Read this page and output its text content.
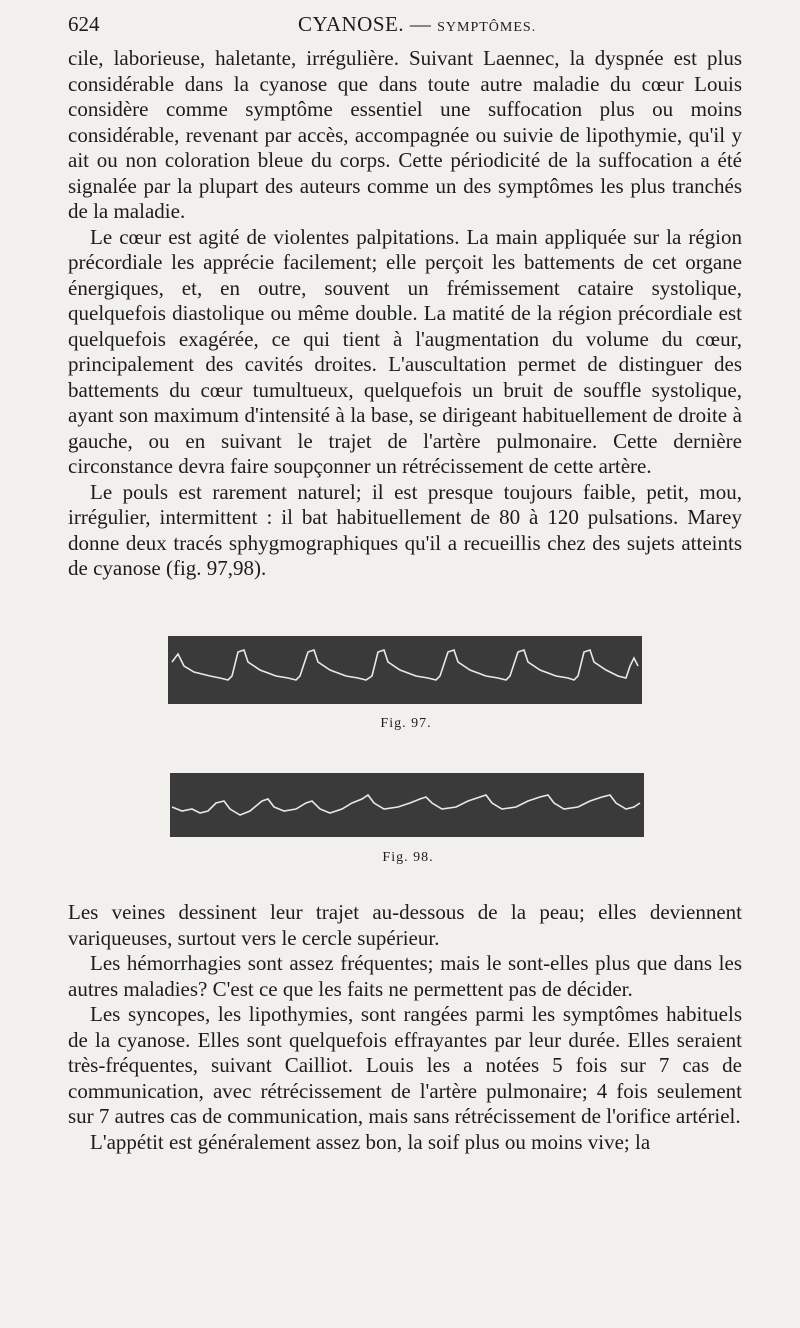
624	CYANOSE. — SYMPTÔMES.

cile, laborieuse, haletante, irrégulière. Suivant Laennec, la dyspnée est plus considérable dans la cyanose que dans toute autre maladie du cœur Louis considère comme symptôme essentiel une suffocation plus ou moins considérable, revenant par accès, accompagnée ou suivie de lipothymie, qu'il y ait ou non coloration bleue du corps. Cette périodicité de la suffocation a été signalée par la plupart des auteurs comme un des symptômes les plus tranchés de la maladie.

Le cœur est agité de violentes palpitations. La main appliquée sur la région précordiale les apprécie facilement; elle perçoit les battements de cet organe énergiques, et, en outre, souvent un frémissement cataire systolique, quelquefois diastolique ou même double. La matité de la région précordiale est quelquefois exagérée, ce qui tient à l'augmentation du volume du cœur, principalement des cavités droites. L'auscultation permet de distinguer des battements du cœur tumultueux, quelquefois un bruit de souffle systolique, ayant son maximum d'intensité à la base, se dirigeant habituellement de droite à gauche, ou en suivant le trajet de l'artère pulmonaire. Cette dernière circonstance devra faire soupçonner un rétrécissement de cette artère.

Le pouls est rarement naturel; il est presque toujours faible, petit, mou, irrégulier, intermittent : il bat habituellement de 80 à 120 pulsations. Marey donne deux tracés sphygmographiques qu'il a recueillis chez des sujets atteints de cyanose (fig. 97,98).

Fig. 97.
Fig. 98.

Les veines dessinent leur trajet au-dessous de la peau; elles deviennent variqueuses, surtout vers le cercle supérieur.

Les hémorrhagies sont assez fréquentes; mais le sont-elles plus que dans les autres maladies? C'est ce que les faits ne permettent pas de décider.

Les syncopes, les lipothymies, sont rangées parmi les symptômes habituels de la cyanose. Elles sont quelquefois effrayantes par leur durée. Elles seraient très-fréquentes, suivant Cailliot. Louis les a notées 5 fois sur 7 cas de communication, avec rétrécissement de l'artère pulmonaire; 4 fois seulement sur 7 autres cas de communication, mais sans rétrécissement de l'orifice artériel.

L'appétit est généralement assez bon, la soif plus ou moins vive; la
